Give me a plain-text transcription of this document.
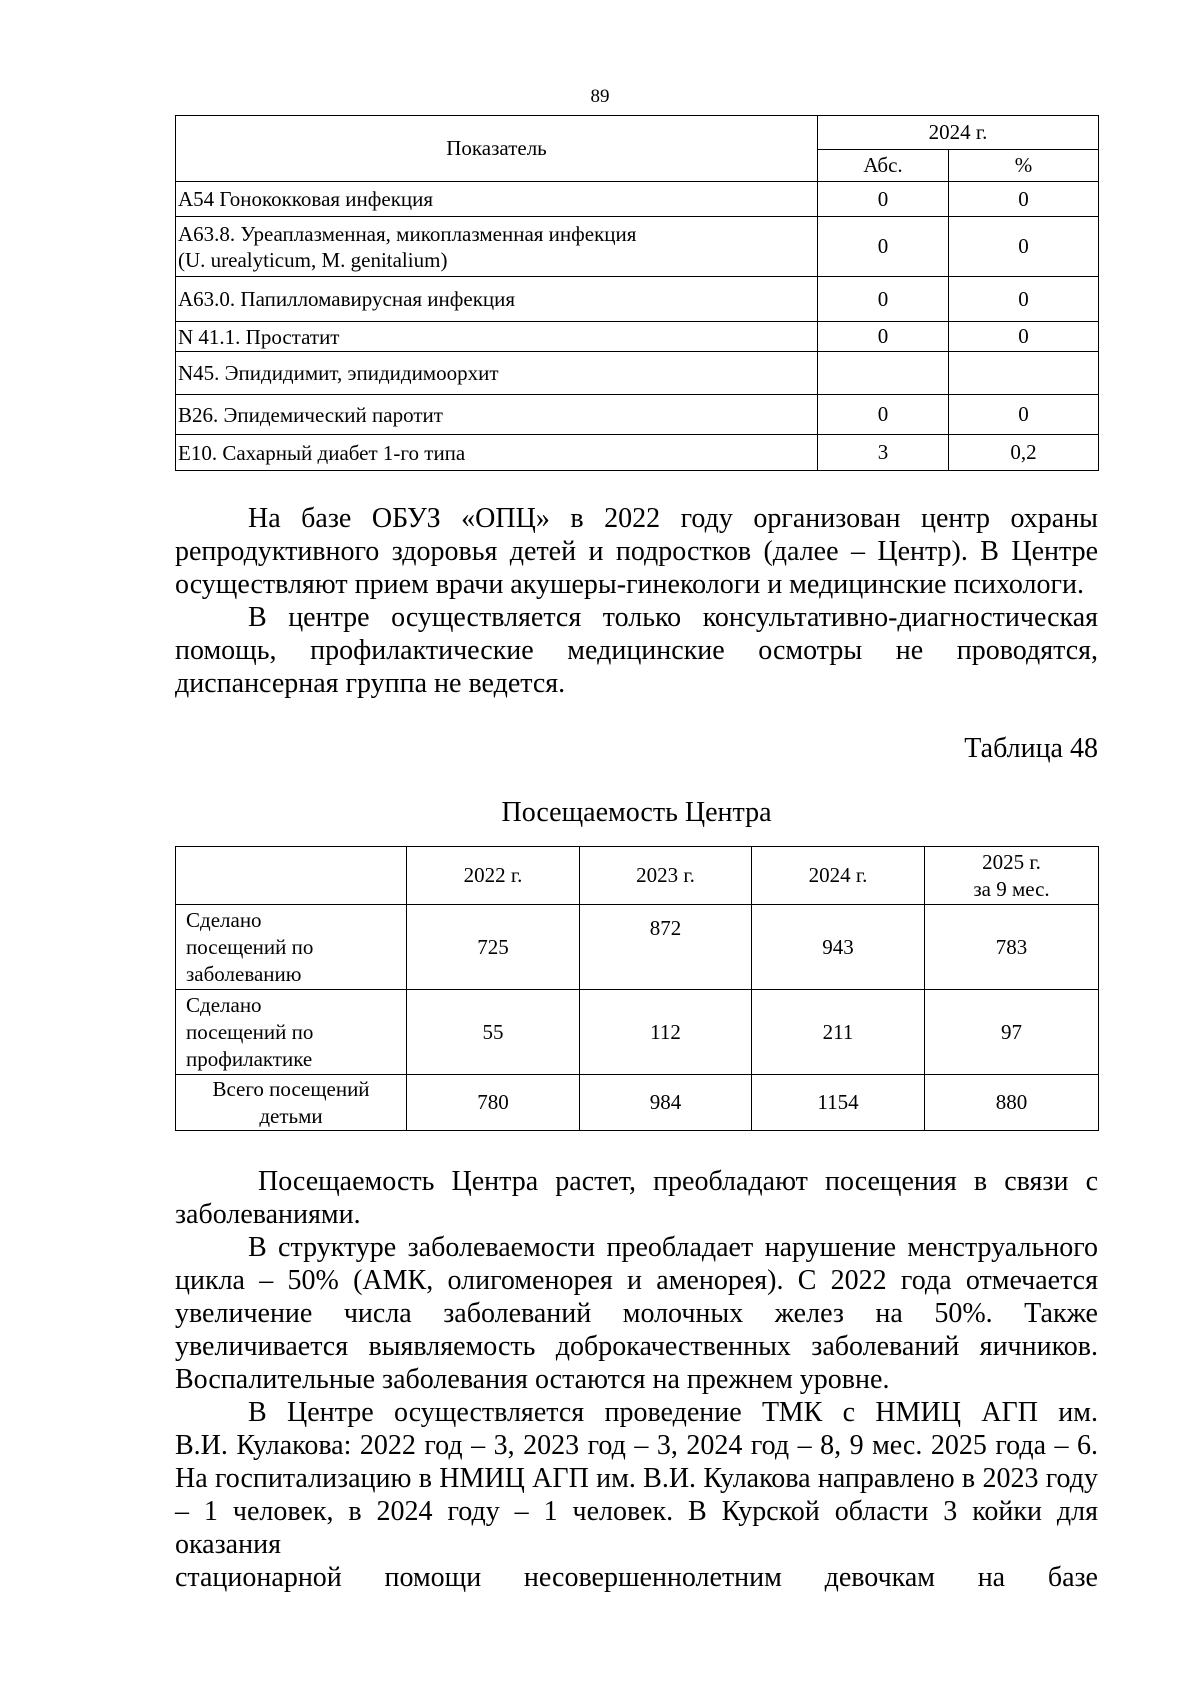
89
Показатель	2024 г.	
	Абс.	%
А54 Гонококковая инфекция	0	0

А63.8. Уреаплазменная, микоплазменная инфекция
(U. urealyticum, M. genitalium)	0	0
А63.0. Папилломавирусная инфекция	0	0
N 41.1. Простатит	0	0
N45. Эпидидимит, эпидидимоорхит		
В26. Эпидемический паротит	0	0
Е10. Сахарный диабет 1-го типа	3	0,2

На базе ОБУЗ «ОПЦ» в 2022 году организован центр охраны

репродуктивного здоровья детей и подростков (далее – Центр). В Центре

осуществляют прием врачи акушеры-гинекологи и медицинские психологи.

В центре осуществляется только консультативно-диагностическая

помощь, профилактические медицинские осмотры не проводятся,

диспансерная группа не ведется.

Таблица 48
Посещаемость Центра
	2022 г.	2023 г.	2024 г.	2025 г.
за 9 мес.

Сделано
посещений по
заболеванию	725	872	943	783

Сделано
посещений по
профилактике	55	112	211	97

Всего посещений
детьми	780	984	1154	880

Посещаемость Центра растет, преобладают посещения в связи с

заболеваниями.

В структуре заболеваемости преобладает нарушение менструального

цикла – 50% (АМК, олигоменорея и аменорея). С 2022 года отмечается

увеличение числа заболеваний молочных желез на 50%. Также

увеличивается выявляемость доброкачественных заболеваний яичников.

Воспалительные заболевания остаются на прежнем уровне.

В Центре осуществляется проведение ТМК с НМИЦ АГП им.

В.И. Кулакова: 2022 год – 3, 2023 год – 3, 2024 год – 8, 9 мес. 2025 года – 6.

На госпитализацию в НМИЦ АГП им. В.И. Кулакова направлено в 2023 году

– 1 человек, в 2024 году – 1 человек. В Курской области 3 койки для оказания

стационарной помощи несовершеннолетним девочкам на базе
